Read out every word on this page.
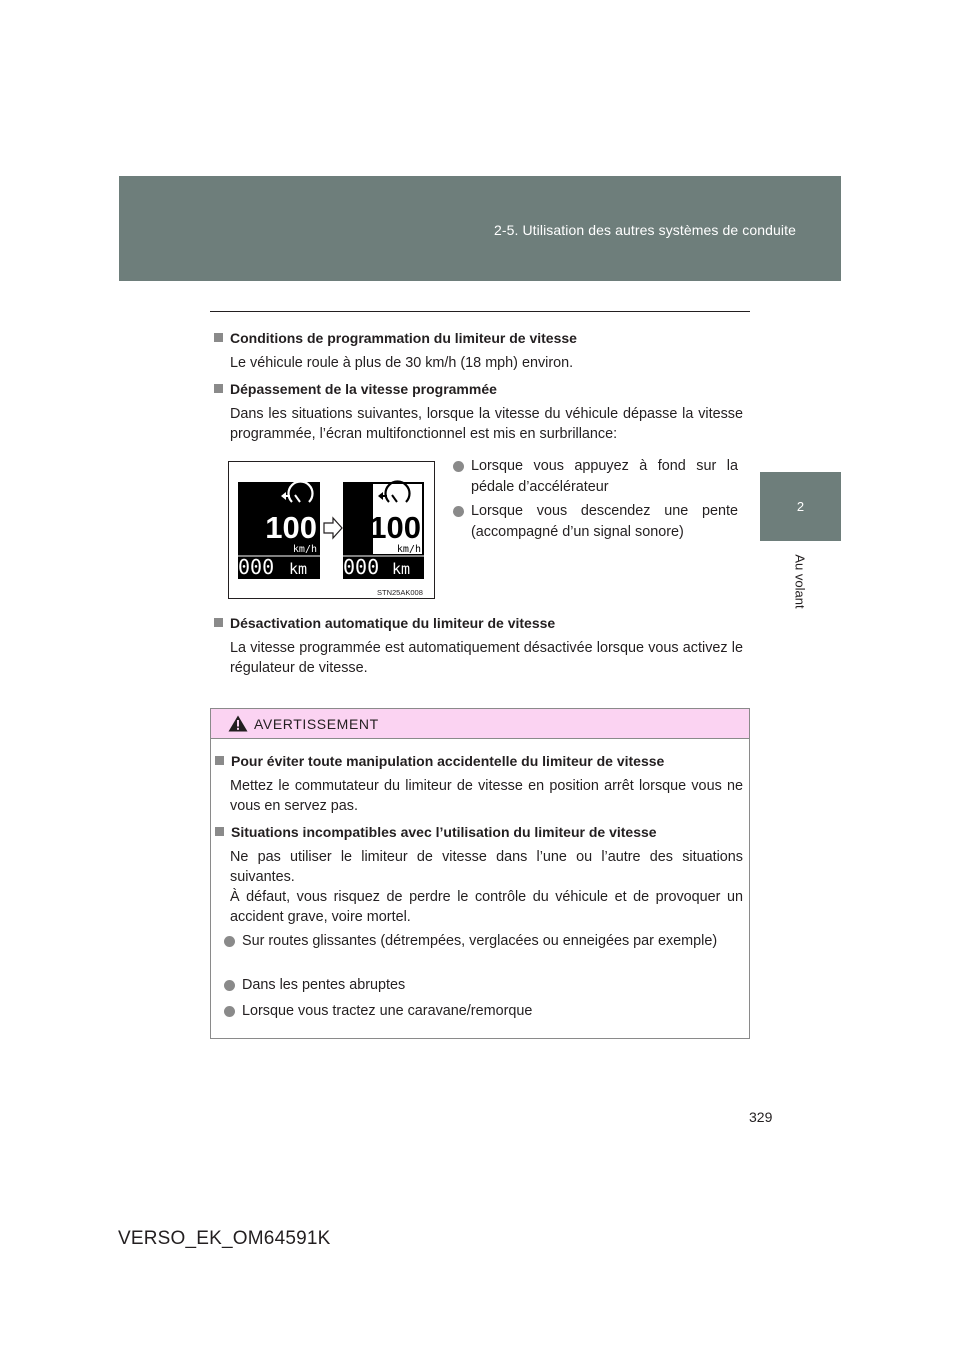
2-5. Utilisation des autres systèmes de conduite
2
Au volant
Conditions de programmation du limiteur de vitesse
Le véhicule roule à plus de 30 km/h (18 mph) environ.
Dépassement de la vitesse programmée
Dans les situations suivantes, lorsque la vitesse du véhicule dépasse la vitesse programmée, l’écran multifonctionnel est mis en surbrillance:
100
km/h
000 km
100
km/h
000 km
STN25AK008
Lorsque vous appuyez à fond sur la pédale d’accélérateur
Lorsque vous descendez une pente (accompagné d’un signal sonore)
Désactivation automatique du limiteur de vitesse
La vitesse programmée est automatiquement désactivée lorsque vous activez le régulateur de vitesse.
AVERTISSEMENT
Pour éviter toute manipulation accidentelle du limiteur de vitesse
Mettez le commutateur du limiteur de vitesse en position arrêt lorsque vous ne vous en servez pas.
Situations incompatibles avec l’utilisation du limiteur de vitesse
Ne pas utiliser le limiteur de vitesse dans l’une ou l’autre des situations suivantes.
À défaut, vous risquez de perdre le contrôle du véhicule et de provoquer un accident grave, voire mortel.
Sur routes glissantes (détrempées, verglacées ou enneigées par exemple)
Dans les pentes abruptes
Lorsque vous tractez une caravane/remorque
329
VERSO_EK_OM64591K
